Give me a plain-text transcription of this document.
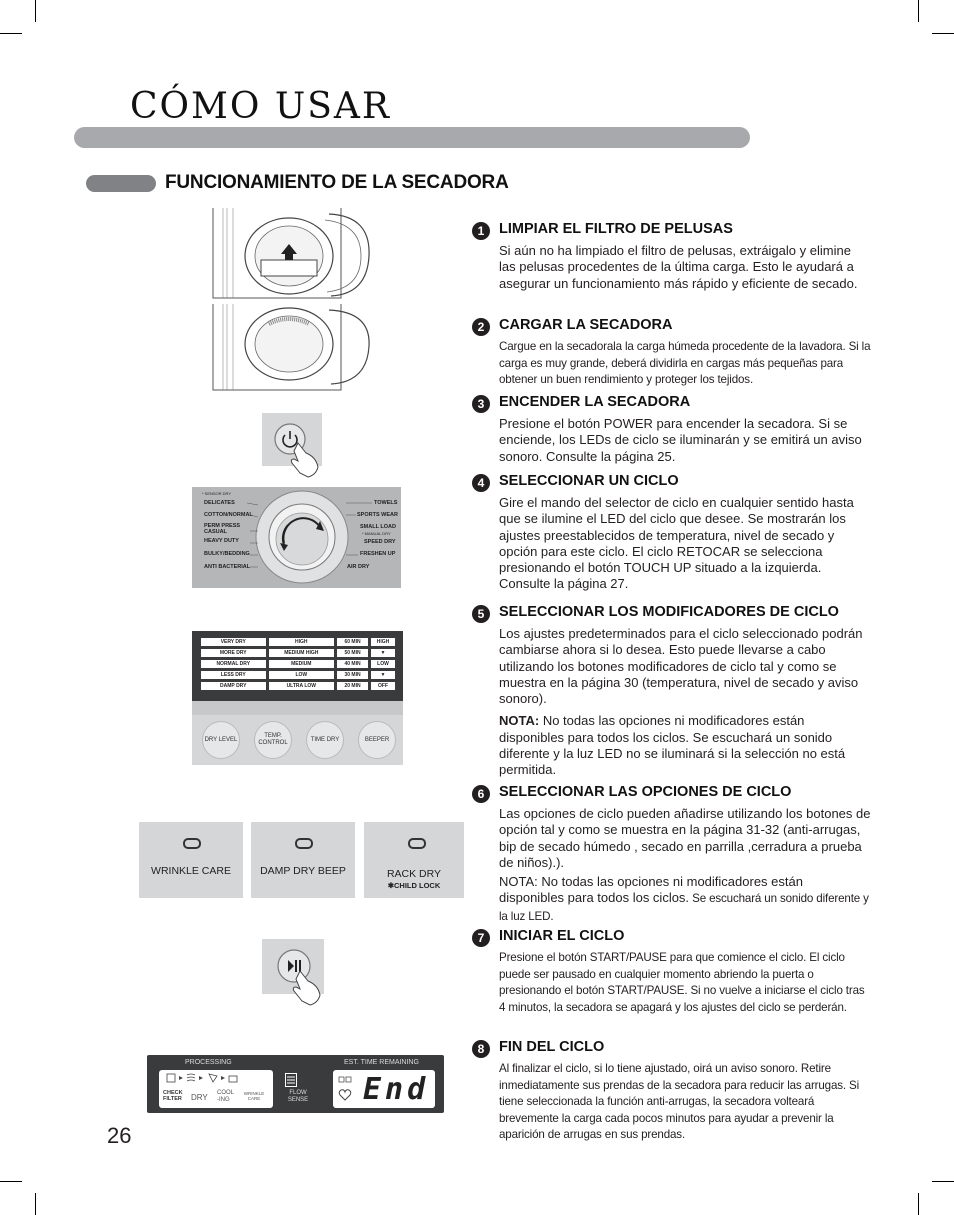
CÓMO USAR
FUNCIONAMIENTO DE LA SECADORA
* SENSOR DRY
DELICATES
COTTON/NORMAL
PERM PRESS CASUAL
HEAVY DUTY
BULKY/BEDDING
ANTI BACTERIAL
TOWELS
SPORTS WEAR
SMALL LOAD
* MANUAL DRY
SPEED DRY
FRESHEN UP
AIR DRY
VERY DRY	HIGH	60 MIN	HIGH
MORE DRY	MEDIUM HIGH	50 MIN	▼
NORMAL DRY	MEDIUM	40 MIN	LOW
LESS DRY	LOW	30 MIN	▼
DAMP DRY	ULTRA LOW	20 MIN	OFF
DRY LEVEL
TEMP. CONTROL
TIME DRY	BEEPER
WRINKLE CARE	DAMP DRY BEEP	RACK DRY
✱CHILD LOCK
PROCESSING	EST. TIME REMAINING
CHECK FILTER	DRY COOL -ING
WRINKLE CARE
FLOW SENSE End
1	LIMPIAR EL FILTRO DE PELUSAS

Si aún no ha limpiado el filtro de pelusas, extráigalo y elimine las pelusas procedentes de la última carga. Esto le ayudará a asegurar un funcionamiento más rápido y eficiente de secado.

2	CARGAR LA SECADORA

Cargue en la secadorala la carga húmeda procedente de la lavadora. Si la carga es muy grande, deberá dividirla en cargas más pequeñas para obtener un buen rendimiento y proteger los tejidos.

3	ENCENDER LA SECADORA

Presione el botón POWER para encender la secadora. Si se enciende, los LEDs de ciclo se iluminarán y se emitirá un aviso sonoro. Consulte la página 25.

4	SELECCIONAR UN CICLO

Gire el mando del selector de ciclo en cualquier sentido hasta que se ilumine el LED del ciclo que desee. Se mostrarán los ajustes preestablecidos de temperatura, nivel de secado y opción para este ciclo. El ciclo RETOCAR se selecciona presionando el botón TOUCH UP situado a la izquierda. Consulte la página 27.

5	SELECCIONAR LOS MODIFICADORES DE CICLO

Los ajustes predeterminados para el ciclo seleccionado podrán cambiarse ahora si lo desea. Esto puede llevarse a cabo utilizando los botones modificadores de ciclo tal y como se muestra en la página 30 (temperatura, nivel de secado y aviso sonoro).

NOTA: No todas las opciones ni modificadores están disponibles para todos los ciclos. Se escuchará un sonido diferente y la luz LED no se iluminará si la selección no está permitida.

6	SELECCIONAR LAS OPCIONES DE CICLO

Las opciones de ciclo pueden añadirse utilizando los botones de opción tal y como se muestra en la página 31-32 (anti-arrugas, bip de secado húmedo , secado en parrilla ,cerradura a prueba de niños).).

NOTA: No todas las opciones ni modificadores están disponibles para todos los ciclos. Se escuchará un sonido diferente y la luz LED.

7	INICIAR EL CICLO

Presione el botón START/PAUSE para que comience el ciclo. El ciclo puede ser pausado en cualquier momento abriendo la puerta o presionando el botón START/PAUSE. Si no vuelve a iniciarse el ciclo tras 4 minutos, la secadora se apagará y los ajustes del ciclo se perderán.

8	FIN DEL CICLO

Al finalizar el ciclo, si lo tiene ajustado, oirá un aviso sonoro. Retire inmediatamente sus prendas de la secadora para reducir las arrugas. Si tiene seleccionada la función anti-arrugas, la secadora volteará brevemente la carga cada pocos minutos para ayudar a prevenir la aparición de arrugas en sus prendas.

26
